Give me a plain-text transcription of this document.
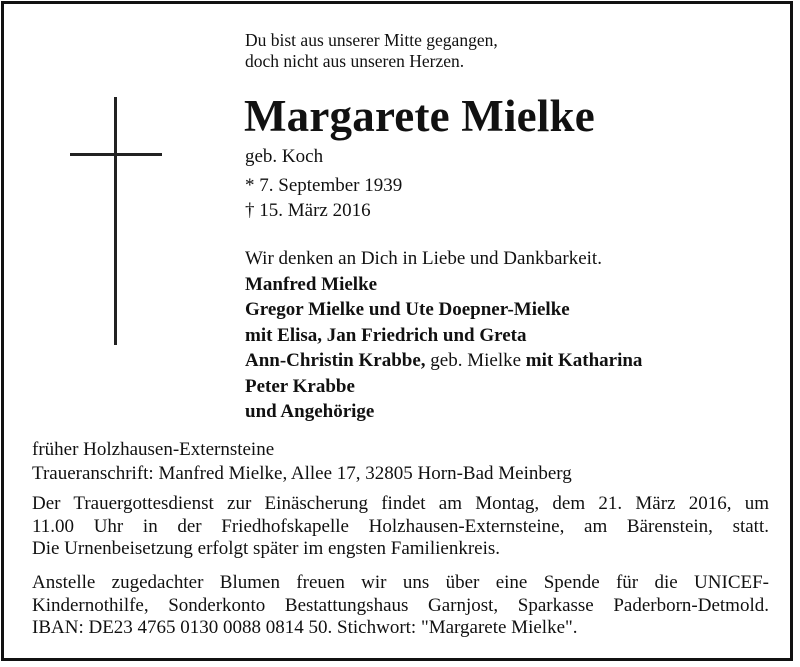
Du bist aus unserer Mitte gegangen,
doch nicht aus unseren Herzen.
Margarete Mielke
geb. Koch
* 7. September 1939
† 15. März 2016
Wir denken an Dich in Liebe und Dankbarkeit.
Manfred Mielke
Gregor Mielke und Ute Doepner-Mielke
mit Elisa, Jan Friedrich und Greta
Ann-Christin Krabbe, geb. Mielke mit Katharina
Peter Krabbe
und Angehörige
früher Holzhausen-Externsteine
Traueranschrift: Manfred Mielke, Allee 17, 32805 Horn-Bad Meinberg
Der Trauergottesdienst zur Einäscherung findet am Montag, dem 21. März 2016, um
11.00 Uhr in der Friedhofskapelle Holzhausen-Externsteine, am Bärenstein, statt.
Die Urnenbeisetzung erfolgt später im engsten Familienkreis.
Anstelle zugedachter Blumen freuen wir uns über eine Spende für die UNICEF-
Kindernothilfe, Sonderkonto Bestattungshaus Garnjost, Sparkasse Paderborn-Detmold.
IBAN: DE23 4765 0130 0088 0814 50. Stichwort: "Margarete Mielke".
